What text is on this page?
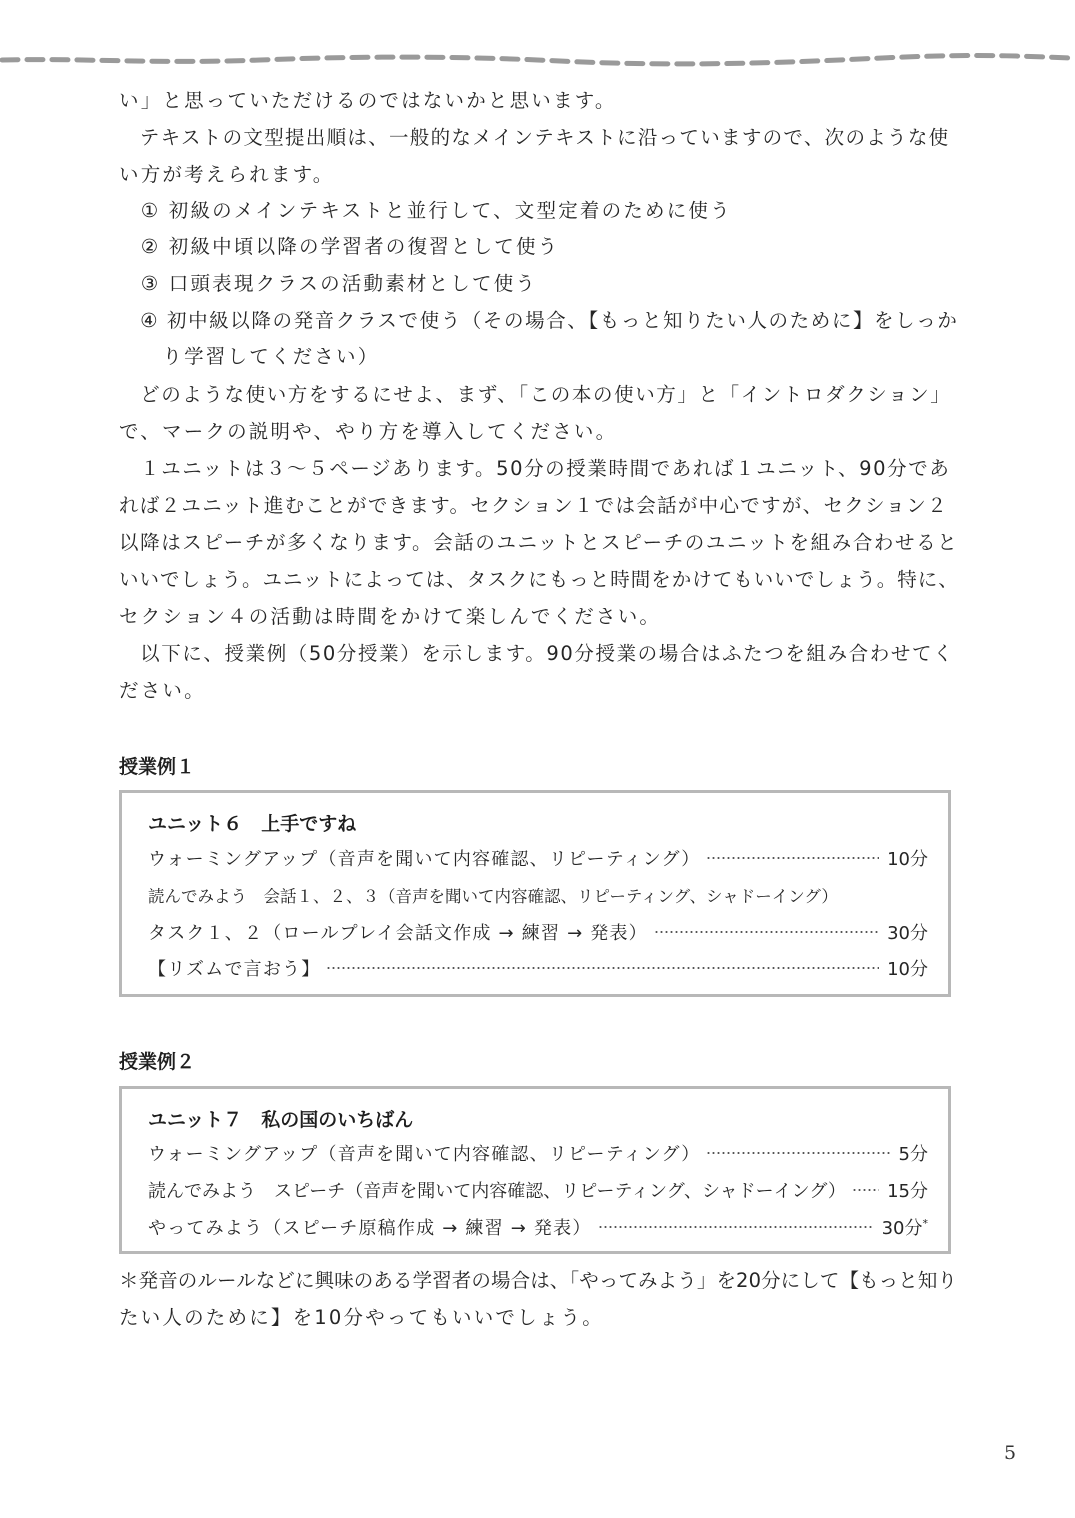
い」と思っていただけるのではないかと思います。
　テキストの文型提出順は、一般的なメインテキストに沿っていますので、次のような使
い方が考えられます。
　① 初級のメインテキストと並行して、文型定着のために使う
　② 初級中頃以降の学習者の復習として使う
　③ 口頭表現クラスの活動素材として使う
　④ 初中級以降の発音クラスで使う（その場合、【もっと知りたい人のために】をしっか
　　り学習してください）
　どのような使い方をするにせよ、まず、「この本の使い方」と「イントロダクション」
で、マークの説明や、やり方を導入してください。
　１ユニットは３～５ページあります。50分の授業時間であれば１ユニット、90分であ
れば２ユニット進むことができます。セクション１では会話が中心ですが、セクション２
以降はスピーチが多くなります。会話のユニットとスピーチのユニットを組み合わせると
いいでしょう。ユニットによっては、タスクにもっと時間をかけてもいいでしょう。特に、
セクション４の活動は時間をかけて楽しんでください。
　以下に、授業例（50分授業）を示します。90分授業の場合はふたつを組み合わせてく
ださい。
授業例１
ユニット６　上手ですね
ウォーミングアップ（音声を聞いて内容確認、リピーティング）	10分
読んでみよう　会話１、２、３（音声を聞いて内容確認、リピーティング、シャドーイング）
タスク１、２（ロールプレイ会話文作成 → 練習 → 発表）	30分
【リズムで言おう】	10分
授業例２
ユニット７　私の国のいちばん
ウォーミングアップ（音声を聞いて内容確認、リピーティング）	5分
読んでみよう　スピーチ（音声を聞いて内容確認、リピーティング、シャドーイング） 15分
やってみよう（スピーチ原稿作成 → 練習 → 発表）	30分*
＊発音のルールなどに興味のある学習者の場合は、「やってみよう」を20分にして【もっと知り
たい人のために】を10分やってもいいでしょう。
5
